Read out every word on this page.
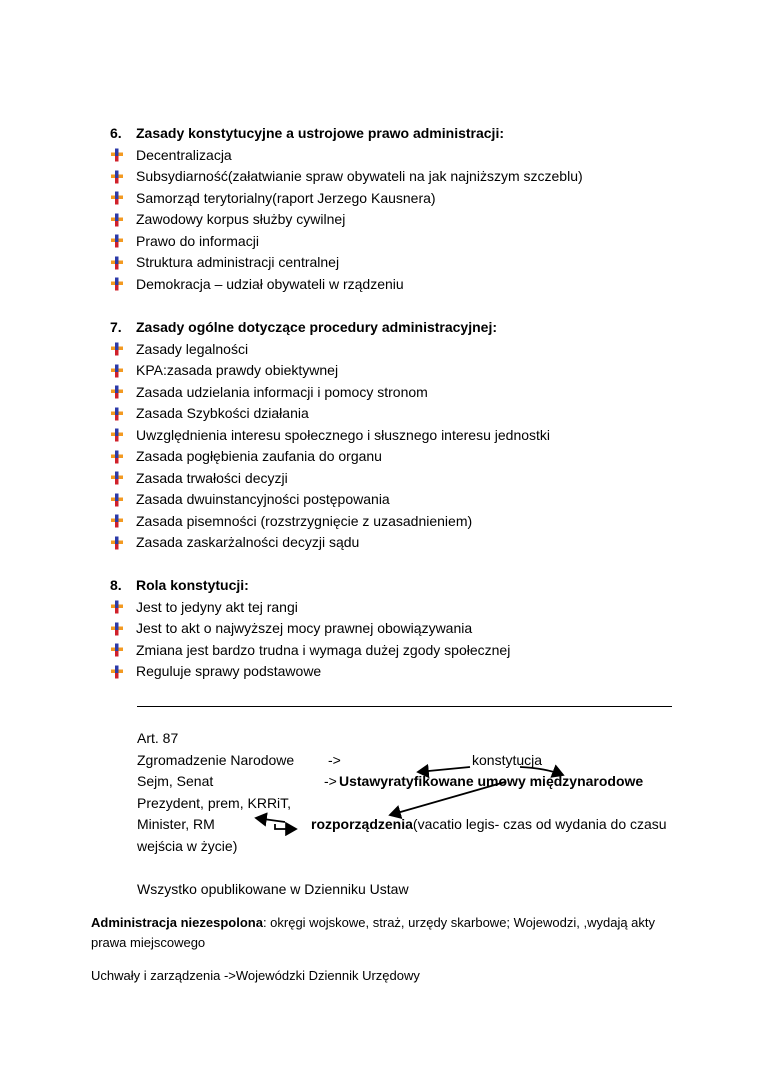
6.	Zasady konstytucyjne a ustrojowe prawo administracji:
Decentralizacja
Subsydiarność(załatwianie spraw obywateli na jak najniższym szczeblu)
Samorząd terytorialny(raport Jerzego Kausnera)
Zawodowy korpus służby cywilnej
Prawo do informacji
Struktura administracji centralnej
Demokracja – udział obywateli w rządzeniu
7.	Zasady ogólne dotyczące procedury administracyjnej:
Zasady legalności
KPA:zasada prawdy obiektywnej
Zasada udzielania informacji i pomocy stronom
Zasada Szybkości działania
Uwzględnienia interesu społecznego i słusznego interesu jednostki
Zasada pogłębienia zaufania do organu
Zasada trwałości decyzji
Zasada dwuinstancyjności postępowania
Zasada pisemności (rozstrzygnięcie z uzasadnieniem)
Zasada zaskarżalności decyzji sądu
8.	Rola konstytucji:
Jest to jedyny akt tej rangi
Jest to akt o najwyższej mocy prawnej obowiązywania
Zmiana jest bardzo trudna i wymaga dużej zgody społecznej
Reguluje sprawy podstawowe
Art. 87
Zgromadzenie Narodowe ->	konstytucja
Sejm, Senat	-> Ustawyratyfikowane umowy międzynarodowe
Prezydent, prem, KRRiT,
Minister, RM	rozporządzenia(vacatio legis- czas od wydania do czasu
wejścia w życie)
Wszystko opublikowane w Dzienniku Ustaw
Administracja niezespolona: okręgi wojskowe, straż, urzędy skarbowe; Wojewodzi, ,wydają akty
prawa miejscowego
Uchwały i zarządzenia ->Wojewódzki Dziennik Urzędowy
